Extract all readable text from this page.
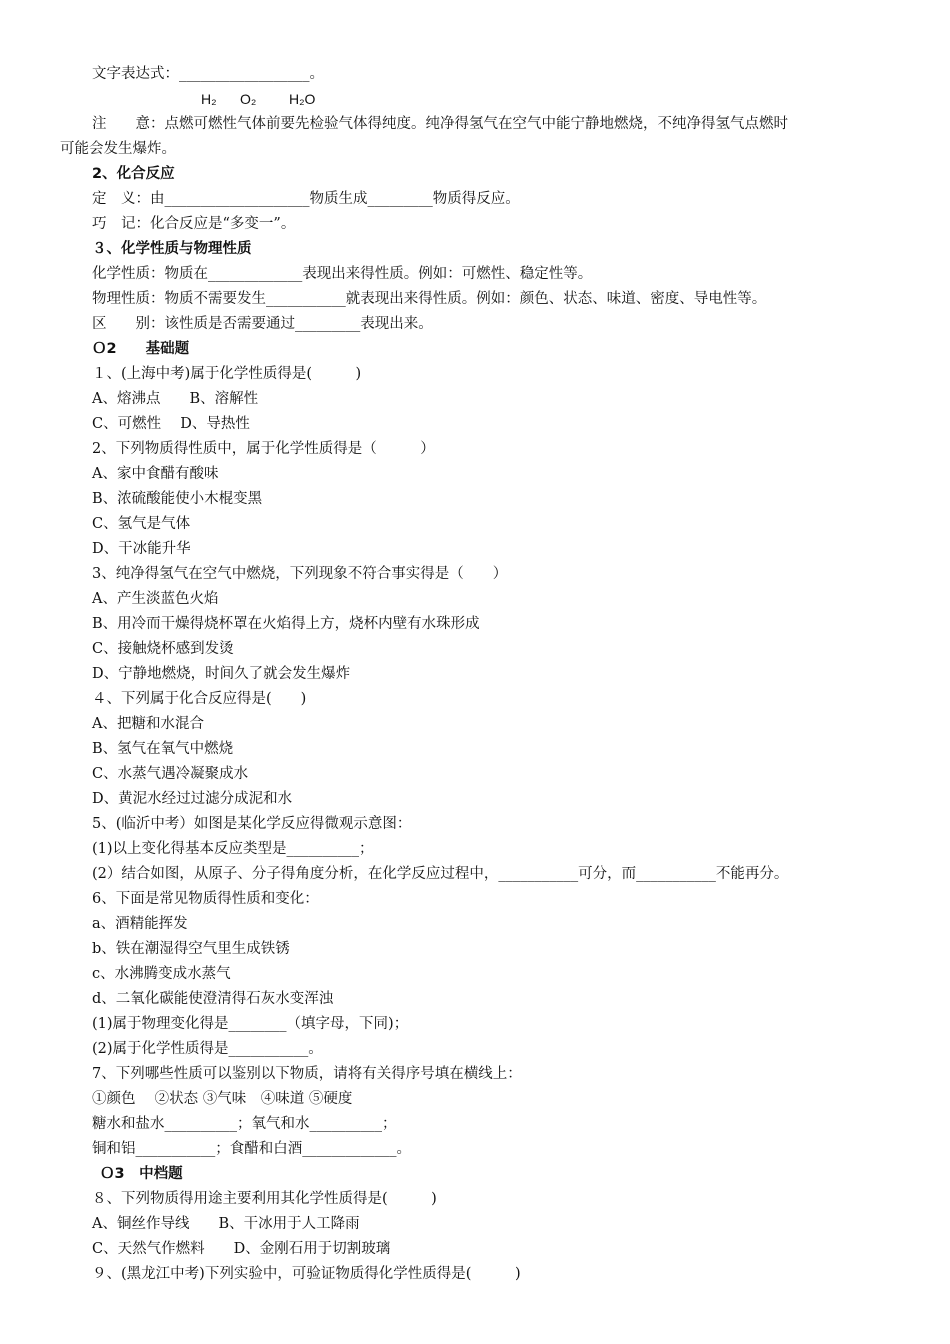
文字表达式：__________________。
H₂ O₂ H₂O
注　　意：点燃可燃性气体前要先检验气体得纯度。纯净得氢气在空气中能宁静地燃烧，不纯净得氢气点燃时
可能会发生爆炸。
2、化合反应
定　义：由____________________物质生成_________物质得反应。
巧　记：化合反应是“多变一”。
３、化学性质与物理性质
化学性质：物质在_____________表现出来得性质。例如：可燃性、稳定性等。
物理性质：物质不需要发生___________就表现出来得性质。例如：颜色、状态、味道、密度、导电性等。
区　　别：该性质是否需要通过_________表现出来。
Ｏ2　　基础题
１、(上海中考)属于化学性质得是(　　　)
A、熔沸点　　B、溶解性
C、可燃性　 D、导热性
2、下列物质得性质中，属于化学性质得是（　　　）
A、家中食醋有酸味
B、浓硫酸能使小木棍变黑
C、氢气是气体
D、干冰能升华
3、纯净得氢气在空气中燃烧，下列现象不符合事实得是（　　）
A、产生淡蓝色火焰
B、用冷而干燥得烧杯罩在火焰得上方，烧杯内壁有水珠形成
C、接触烧杯感到发烫
D、宁静地燃烧，时间久了就会发生爆炸
４、下列属于化合反应得是(　　)
A、把糖和水混合
B、氢气在氧气中燃烧
C、水蒸气遇冷凝聚成水
D、黄泥水经过过滤分成泥和水
5、(临沂中考）如图是某化学反应得微观示意图：
(1)以上变化得基本反应类型是__________；
(2）结合如图，从原子、分子得角度分析，在化学反应过程中，___________可分，而___________不能再分。
6、下面是常见物质得性质和变化：
a、酒精能挥发
b、铁在潮湿得空气里生成铁锈
c、水沸腾变成水蒸气
d、二氧化碳能使澄清得石灰水变浑浊
(1)属于物理变化得是________（填字母，下同)；
(2)属于化学性质得是___________。
7、下列哪些性质可以鉴别以下物质，请将有关得序号填在横线上：
①颜色　 ②状态 ③气味　④味道 ⑤硬度
糖水和盐水__________；氧气和水__________；
铜和铝___________；食醋和白酒_____________。
Ｏ3　中档题
８、下列物质得用途主要利用其化学性质得是(　　　)
A、铜丝作导线　　B、干冰用于人工降雨
C、天然气作燃料　　D、金刚石用于切割玻璃
９、(黑龙江中考)下列实验中，可验证物质得化学性质得是(　　　)
